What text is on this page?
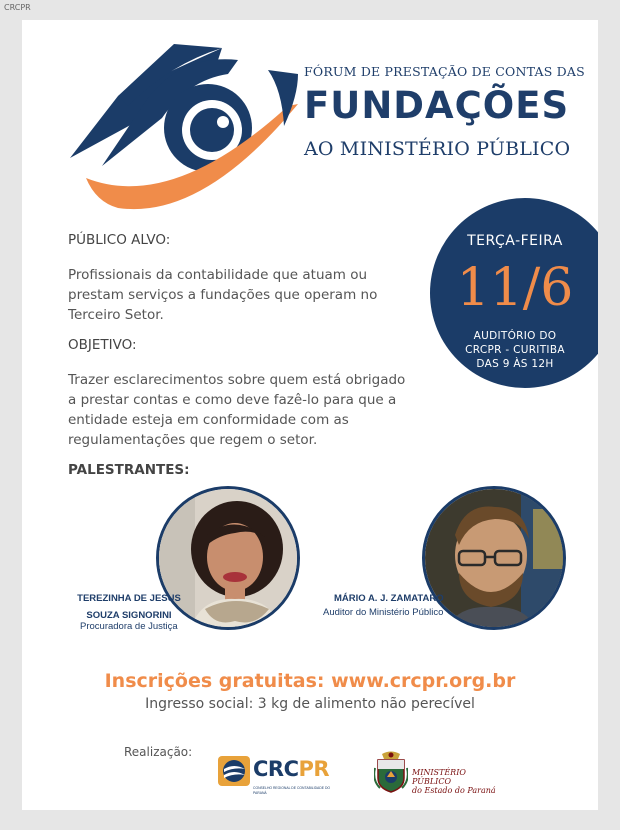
CRCPR
FÓRUM DE PRESTAÇÃO DE CONTAS DAS
FUNDAÇÕES
AO MINISTÉRIO PÚBLICO
TERÇA-FEIRA
11/6
AUDITÓRIO DO
CRCPR - CURITIBA
DAS 9 ÀS 12H
PÚBLICO ALVO:
Profissionais da contabilidade que atuam ou prestam serviços a fundações que operam no Terceiro Setor.
OBJETIVO:
Trazer esclarecimentos sobre quem está obrigado a prestar contas e como deve fazê-lo para que a entidade esteja em conformidade com as regulamentações que regem o setor.
PALESTRANTES:
TEREZINHA DE JESUS
SOUZA SIGNORINI
Procuradora de Justiça
MÁRIO A. J. ZAMATARO
Auditor do Ministério Público
Inscrições gratuitas: www.crcpr.org.br
Ingresso social: 3 kg de alimento não perecível
Realização:
CRCPR
CONSELHO REGIONAL DE CONTABILIDADE DO PARANÁ
MINISTÉRIO PÚBLICO
do Estado do Paraná
